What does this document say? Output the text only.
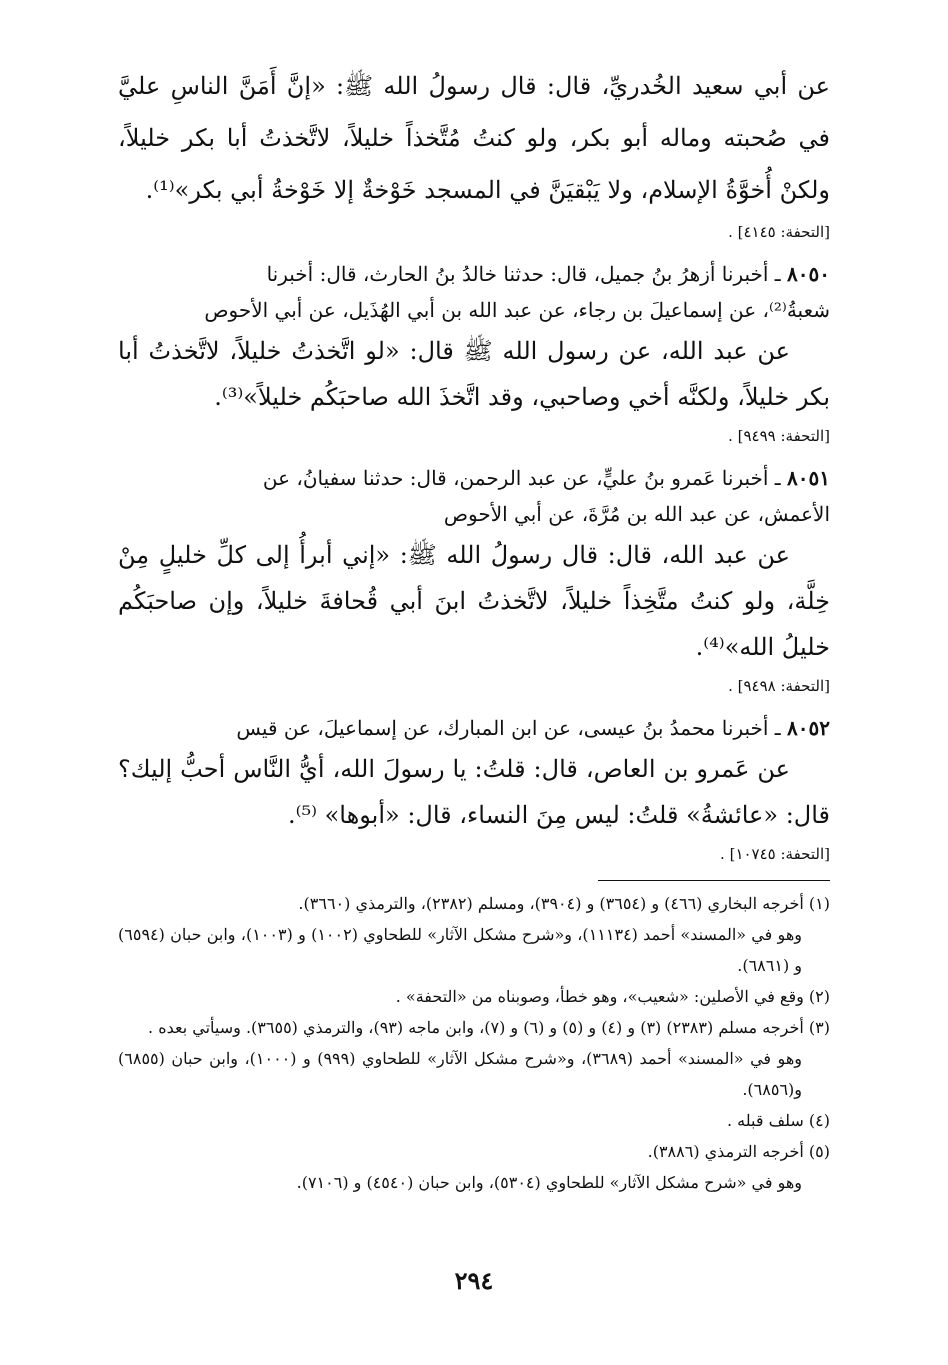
عن أبي سعيد الخُدريِّ، قال: قال رسولُ الله ﷺ: «إنَّ أَمَنَّ الناسِ عليَّ في صُحبته وماله أبو بكر، ولو كنتُ مُتَّخذاً خليلاً، لاتَّخذتُ أبا بكر خليلاً، ولكنْ أُخوَّةُ الإسلام، ولا يَبْقيَنَّ في المسجد خَوْخةٌ إلا خَوْخةُ أبي بكر»⁽¹⁾.

[التحفة: ٤١٤٥] .

٨٠٥٠ ـ أخبرنا أزهرُ بنُ جميل، قال: حدثنا خالدُ بنُ الحارث، قال: أخبرنا

شعبةُ⁽²⁾، عن إسماعيلَ بن رجاء، عن عبد الله بن أبي الهُذَيل، عن أبي الأحوص

عن عبد الله، عن رسول الله ﷺ قال: «لو اتَّخذتُ خليلاً، لاتَّخذتُ أبا بكر خليلاً، ولكنَّه أخي وصاحبي، وقد اتَّخذَ الله صاحبَكُم خليلاً»⁽³⁾.

[التحفة: ٩٤٩٩] .

٨٠٥١ ـ أخبرنا عَمرو بنُ عليٍّ، عن عبد الرحمن، قال: حدثنا سفيانُ، عن

الأعمش، عن عبد الله بن مُرَّةَ، عن أبي الأحوص

عن عبد الله، قال: قال رسولُ الله ﷺ: «إني أبرأُ إلى كلِّ خليلٍ مِنْ خِلَّة، ولو كنتُ متَّخِذاً خليلاً، لاتَّخذتُ ابنَ أبي قُحافةَ خليلاً، وإن صاحبَكُم خليلُ الله»⁽⁴⁾.

[التحفة: ٩٤٩٨] .

٨٠٥٢ ـ أخبرنا محمدُ بنُ عيسى، عن ابن المبارك، عن إسماعيلَ، عن قيس

عن عَمرو بن العاص، قال: قلتُ: يا رسولَ الله، أيُّ النَّاس أحبُّ إليك؟ قال: «عائشةُ» قلتُ: ليس مِنَ النساء، قال: «أبوها» ⁽⁵⁾.

[التحفة: ١٠٧٤٥] .

(١) أخرجه البخاري (٤٦٦) و (٣٦٥٤) و (٣٩٠٤)، ومسلم (٢٣٨٢)، والترمذي (٣٦٦٠).

وهو في «المسند» أحمد (١١١٣٤)، و«شرح مشكل الآثار» للطحاوي (١٠٠٢) و (١٠٠٣)، وابن حبان (٦٥٩٤) و (٦٨٦١).

(٢) وقع في الأصلين: «شعيب»، وهو خطأ، وصوبناه من «التحفة» .

(٣) أخرجه مسلم (٢٣٨٣) (٣) و (٤) و (٥) و (٦) و (٧)، وابن ماجه (٩٣)، والترمذي (٣٦٥٥). وسيأتي بعده .

وهو في «المسند» أحمد (٣٦٨٩)، و«شرح مشكل الآثار» للطحاوي (٩٩٩) و (١٠٠٠)، وابن حبان (٦٨٥٥) و(٦٨٥٦).

(٤) سلف قبله .

(٥) أخرجه الترمذي (٣٨٨٦).

وهو في «شرح مشكل الآثار» للطحاوي (٥٣٠٤)، وابن حبان (٤٥٤٠) و (٧١٠٦).

٢٩٤
